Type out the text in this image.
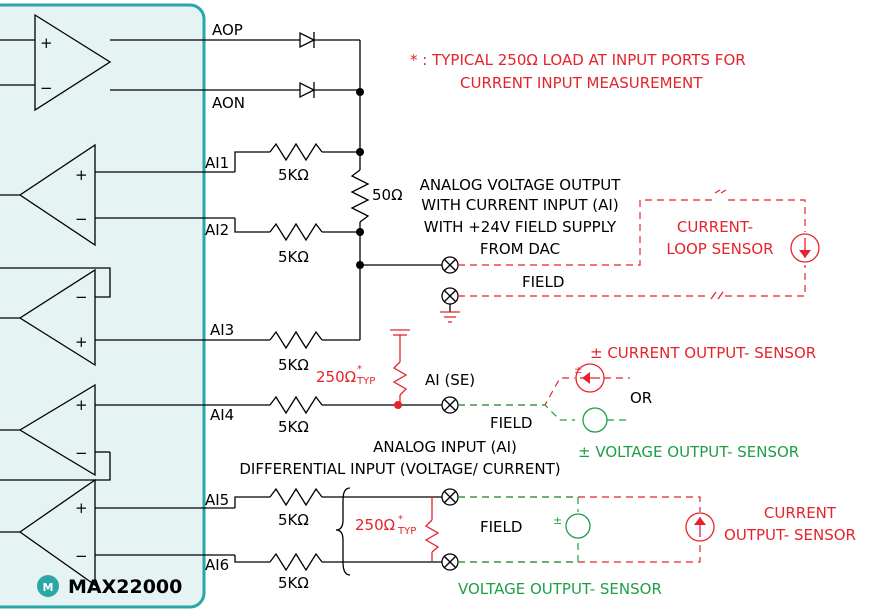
+
−
AOP
AON
+
−
AI1
5KΩ
50Ω
AI2
5KΩ
ANALOG VOLTAGE OUTPUT
WITH CURRENT INPUT (AI)
WITH +24V FIELD SUPPLY
FROM DAC
FIELD
CURRENT-
LOOP SENSOR
* : TYPICAL 250Ω LOAD AT INPUT PORTS FOR
CURRENT INPUT MEASUREMENT
−
+
AI3
5KΩ
+
−
AI4
5KΩ
250Ω *
TYP	AI (SE)
FIELD
±
± CURRENT OUTPUT- SENSOR
OR
± VOLTAGE OUTPUT- SENSOR
+
−
AI5
5KΩ
AI6
5KΩ
ANALOG INPUT (AI)
DIFFERENTIAL INPUT (VOLTAGE/ CURRENT)
250Ω *
TYP	FIELD	±	CURRENT
OUTPUT- SENSOR
VOLTAGE OUTPUT- SENSOR
M MAX22000
